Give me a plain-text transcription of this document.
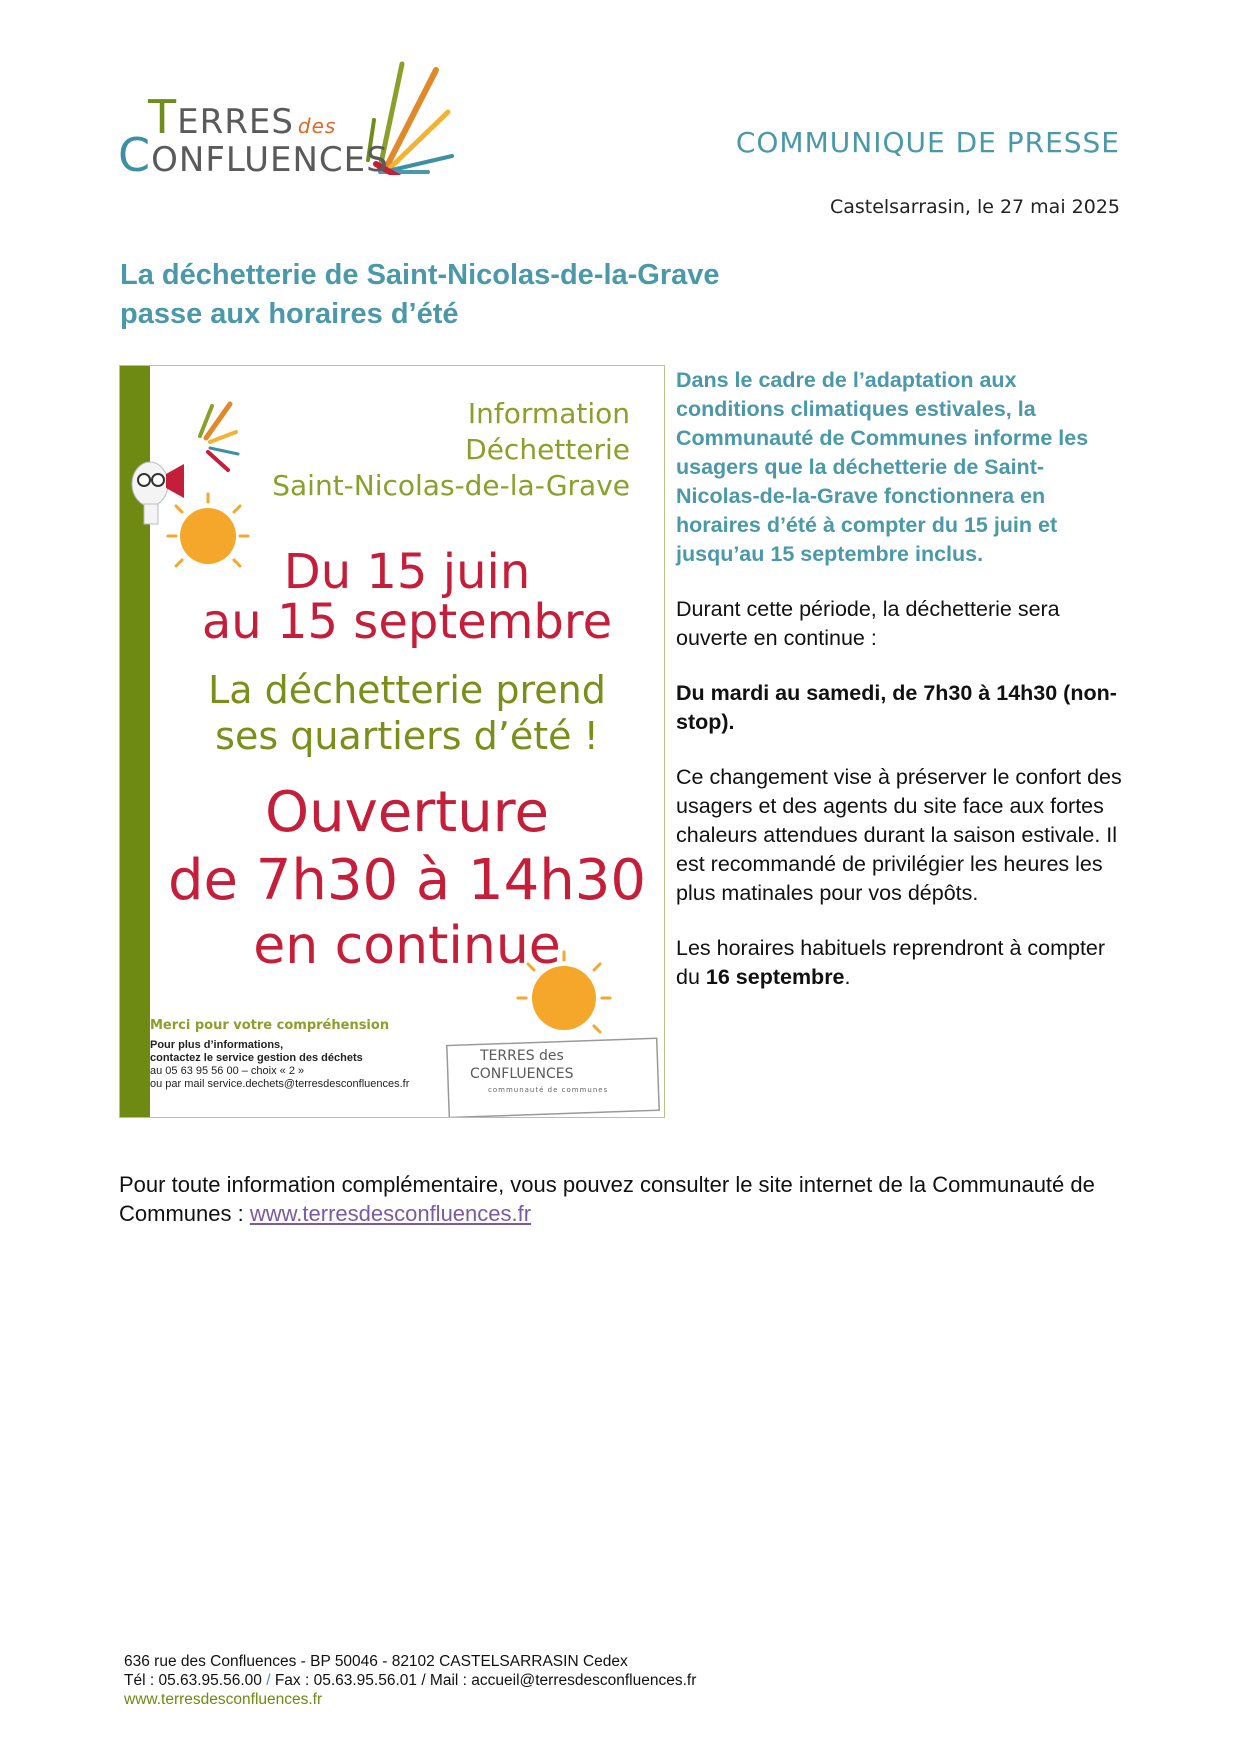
TERRES des
CONFLUENCES	COMMUNIQUE DE PRESSE
Castelsarrasin, le 27 mai 2025
La déchetterie de Saint-Nicolas-de-la-Grave
passe aux horaires d’été
Information
Déchetterie
Saint-Nicolas-de-la-Grave
Du 15 juin
au 15 septembre
La déchetterie prend
ses quartiers d’été !
Ouverture
de 7h30 à 14h30
en continue
Merci pour votre compréhension
Pour plus d’informations,
contactez le service gestion des déchets
au 05 63 95 56 00 – choix « 2 »
ou par mail service.dechets@terresdesconfluences.fr
TERRES des
CONFLUENCES
communauté de communes

Dans le cadre de l’adaptation aux conditions climatiques estivales, la Communauté de Communes informe les usagers que la déchetterie de Saint-Nicolas-de-la-Grave fonctionnera en horaires d’été à compter du 15 juin et jusqu’au 15 septembre inclus.

Durant cette période, la déchetterie sera ouverte en continue :

Du mardi au samedi, de 7h30 à 14h30 (non-stop).

Ce changement vise à préserver le confort des usagers et des agents du site face aux fortes chaleurs attendues durant la saison estivale. Il est recommandé de privilégier les heures les plus matinales pour vos dépôts.

Les horaires habituels reprendront à compter du 16 septembre.

Pour toute information complémentaire, vous pouvez consulter le site internet de la Communauté de Communes : www.terresdesconfluences.fr
636 rue des Confluences - BP 50046 - 82102 CASTELSARRASIN Cedex
Tél : 05.63.95.56.00 / Fax : 05.63.95.56.01 / Mail : accueil@terresdesconfluences.fr
www.terresdesconfluences.fr
